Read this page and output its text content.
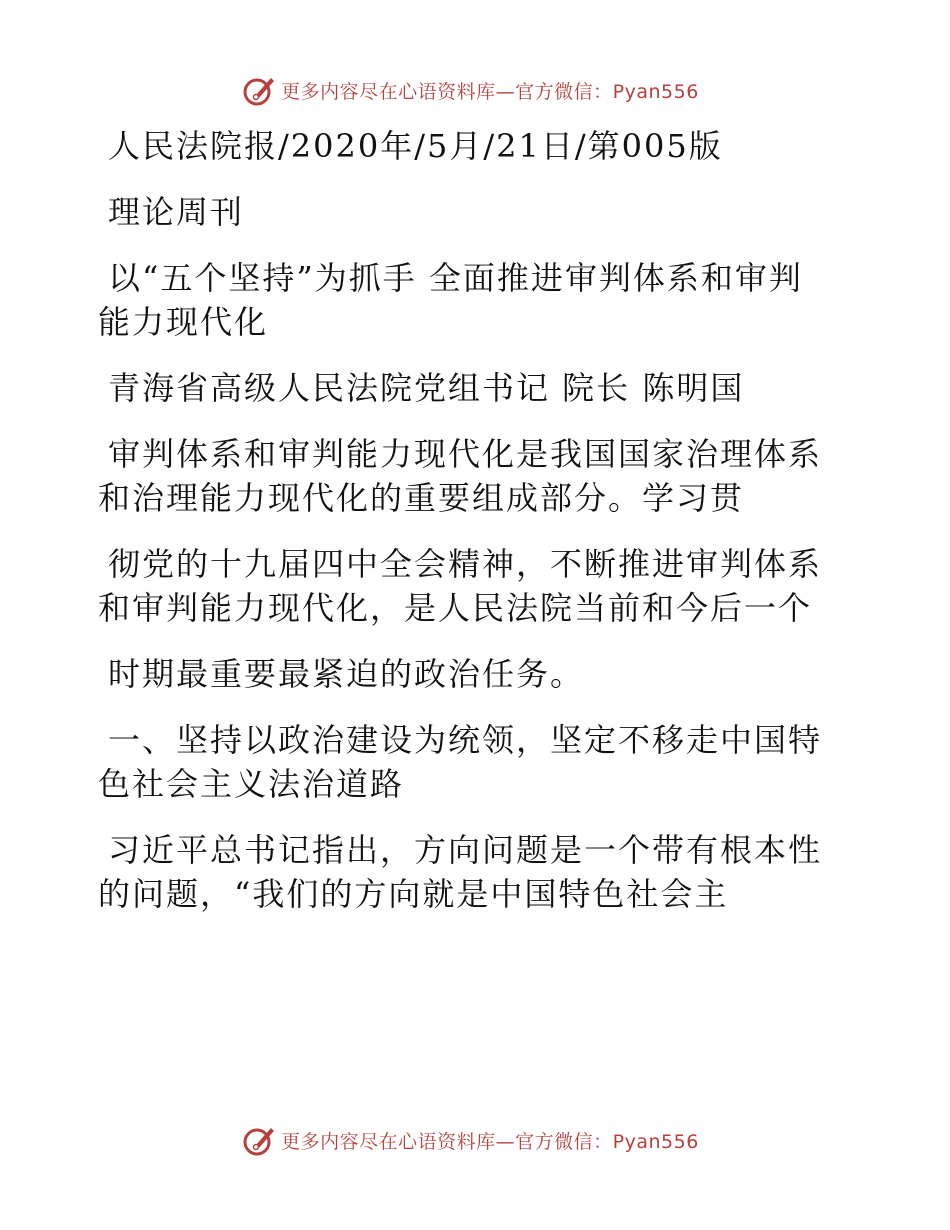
更多内容尽在心语资料库—官方微信：Pyan556
人民法院报/2020年/5月/21日/第005版
理论周刊
以“五个坚持”为抓手 全面推进审判体系和审判
能力现代化
青海省高级人民法院党组书记 院长 陈明国
审判体系和审判能力现代化是我国国家治理体系
和治理能力现代化的重要组成部分。学习贯
彻党的十九届四中全会精神，不断推进审判体系
和审判能力现代化，是人民法院当前和今后一个
时期最重要最紧迫的政治任务。
一、坚持以政治建设为统领，坚定不移走中国特
色社会主义法治道路
习近平总书记指出，方向问题是一个带有根本性
的问题，“我们的方向就是中国特色社会主
更多内容尽在心语资料库—官方微信：Pyan556
